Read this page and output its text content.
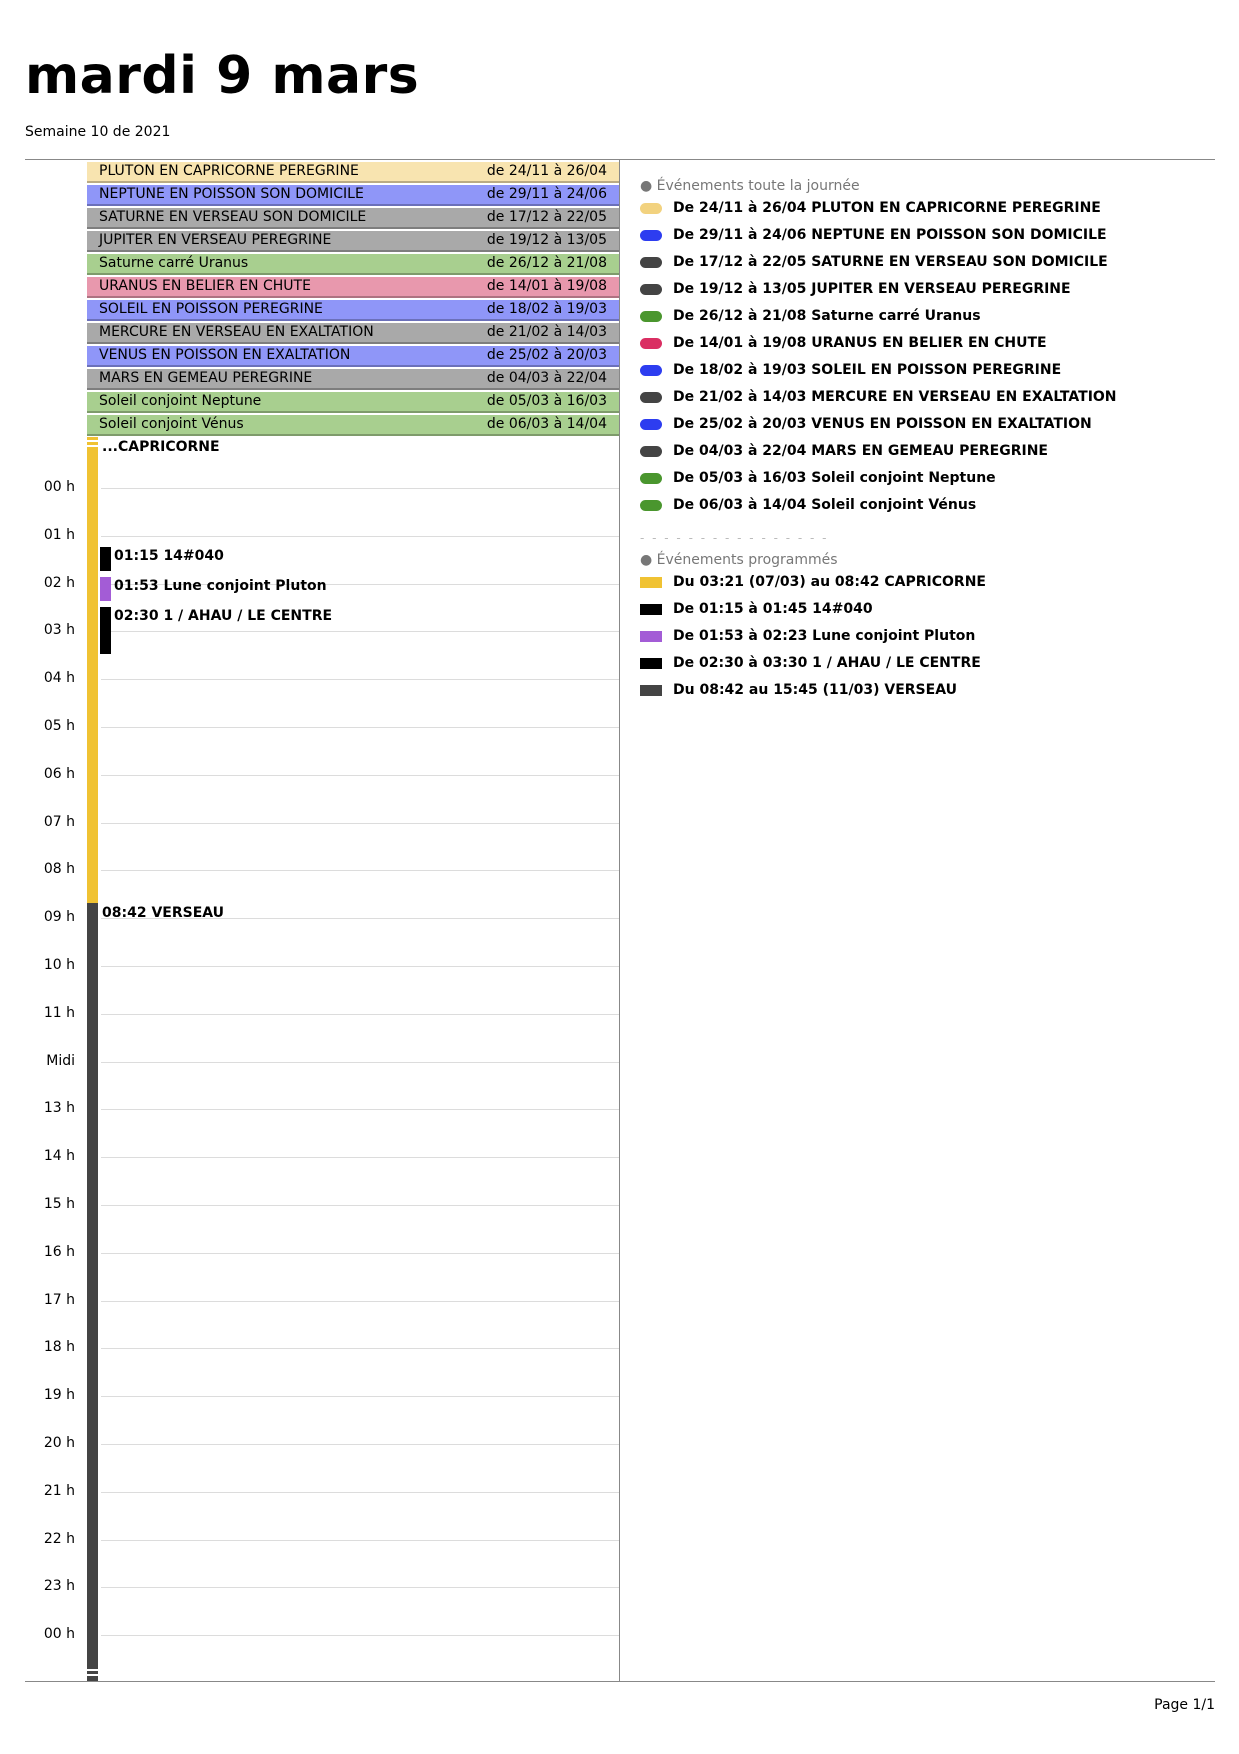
mardi 9 mars
Semaine 10 de 2021
PLUTON EN CAPRICORNE PEREGRINE	de 24/11 à 26/04
NEPTUNE EN POISSON SON DOMICILE	de 29/11 à 24/06
SATURNE EN VERSEAU SON DOMICILE	de 17/12 à 22/05
JUPITER EN VERSEAU PEREGRINE	de 19/12 à 13/05
Saturne carré Uranus	de 26/12 à 21/08
URANUS EN BELIER EN CHUTE	de 14/01 à 19/08
SOLEIL EN POISSON PEREGRINE	de 18/02 à 19/03
MERCURE EN VERSEAU EN EXALTATION	de 21/02 à 14/03
VENUS EN POISSON EN EXALTATION	de 25/02 à 20/03
MARS EN GEMEAU PEREGRINE	de 04/03 à 22/04
Soleil conjoint Neptune	de 05/03 à 16/03
Soleil conjoint Vénus	de 06/03 à 14/04
00 h
01 h
02 h
03 h
04 h
05 h
06 h
07 h
08 h
09 h
10 h
11 h
Midi
13 h
14 h
15 h
16 h
17 h
18 h
19 h
20 h
21 h
22 h
23 h
00 h
...CAPRICORNE
08:42 VERSEAU
01:15 14#040
01:53 Lune conjoint Pluton
02:30 1 / AHAU / LE CENTRE
● Événements toute la journée
De 24/11 à 26/04 PLUTON EN CAPRICORNE PEREGRINE
De 29/11 à 24/06 NEPTUNE EN POISSON SON DOMICILE
De 17/12 à 22/05 SATURNE EN VERSEAU SON DOMICILE
De 19/12 à 13/05 JUPITER EN VERSEAU PEREGRINE
De 26/12 à 21/08 Saturne carré Uranus
De 14/01 à 19/08 URANUS EN BELIER EN CHUTE
De 18/02 à 19/03 SOLEIL EN POISSON PEREGRINE
De 21/02 à 14/03 MERCURE EN VERSEAU EN EXALTATION
De 25/02 à 20/03 VENUS EN POISSON EN EXALTATION
De 04/03 à 22/04 MARS EN GEMEAU PEREGRINE
De 05/03 à 16/03 Soleil conjoint Neptune
De 06/03 à 14/04 Soleil conjoint Vénus
- - - - - - - - - - - - - - - -
● Événements programmés
Du 03:21 (07/03) au 08:42 CAPRICORNE
De 01:15 à 01:45 14#040
De 01:53 à 02:23 Lune conjoint Pluton
De 02:30 à 03:30 1 / AHAU / LE CENTRE
Du 08:42 au 15:45 (11/03) VERSEAU
Page 1/1
